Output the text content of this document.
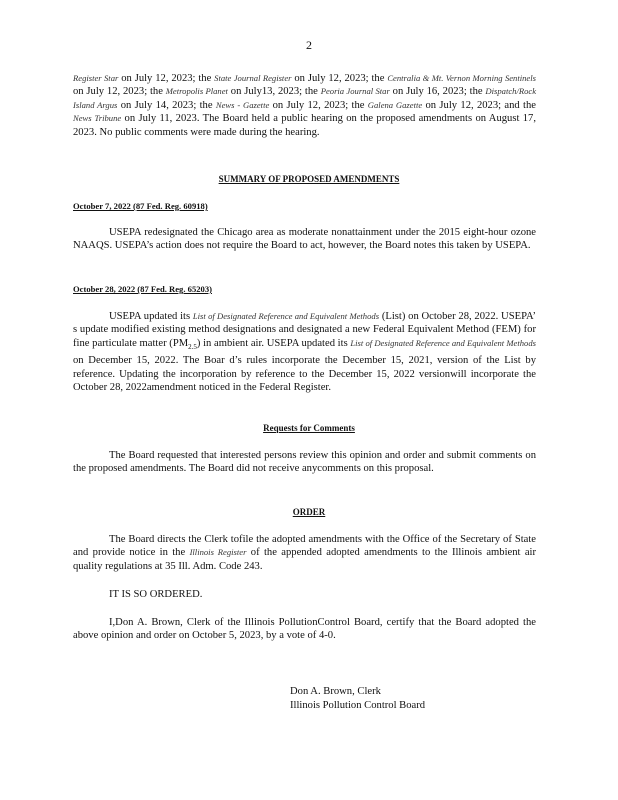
2

Register Star on July 12, 2023; the State Journal Register on July 12, 2023; the Centralia & Mt. Vernon Morning Sentinels on July 12, 2023; the Metropolis Planet on July13, 2023; the Peoria Journal Star on July 16, 2023; the Dispatch/Rock Island Argus on July 14, 2023; the News - Gazette on July 12, 2023; the Galena Gazette on July 12, 2023; and the News Tribune on July 11, 2023. The Board held a public hearing on the proposed amendments on August 17, 2023. No public comments were made during the hearing.

SUMMARY OF PROPOSED AMENDMENTS
October 7, 2022 (87 Fed. Reg. 60918)

USEPA redesignated the Chicago area as moderate nonattainment under the 2015 eight-hour ozone NAAQS. USEPA’s action does not require the Board to act, however, the Board notes this taken by USEPA.

October 28, 2022 (87 Fed. Reg. 65203)

USEPA updated its List of Designated Reference and Equivalent Methods (List) on October 28, 2022. USEPA’ s update modified existing method designations and designated a new Federal Equivalent Method (FEM) for fine particulate matter $(PM_{2.5})$ in ambient air. USEPA updated its List of Designated Reference and Equivalent Methods on December 15, 2022. The Boar d’s rules incorporate the December 15, 2021, version of the List by reference. Updating the incorporation by reference to the December 15, 2022 versionwill incorporate the October 28, 2022amendment noticed in the Federal Register.

Requests for Comments

The Board requested that interested persons review this opinion and order and submit comments on the proposed amendments. The Board did not receive anycomments on this proposal.

ORDER

The Board directs the Clerk tofile the adopted amendments with the Office of the Secretary of State and provide notice in the Illinois Register of the appended adopted amendments to the Illinois ambient air quality regulations at 35 Ill. Adm. Code 243.

IT IS SO ORDERED.

I,Don A. Brown, Clerk of the Illinois PollutionControl Board, certify that the Board adopted the above opinion and order on October 5, 2023, by a vote of 4-0.

Don A. Brown, Clerk
Illinois Pollution Control Board
